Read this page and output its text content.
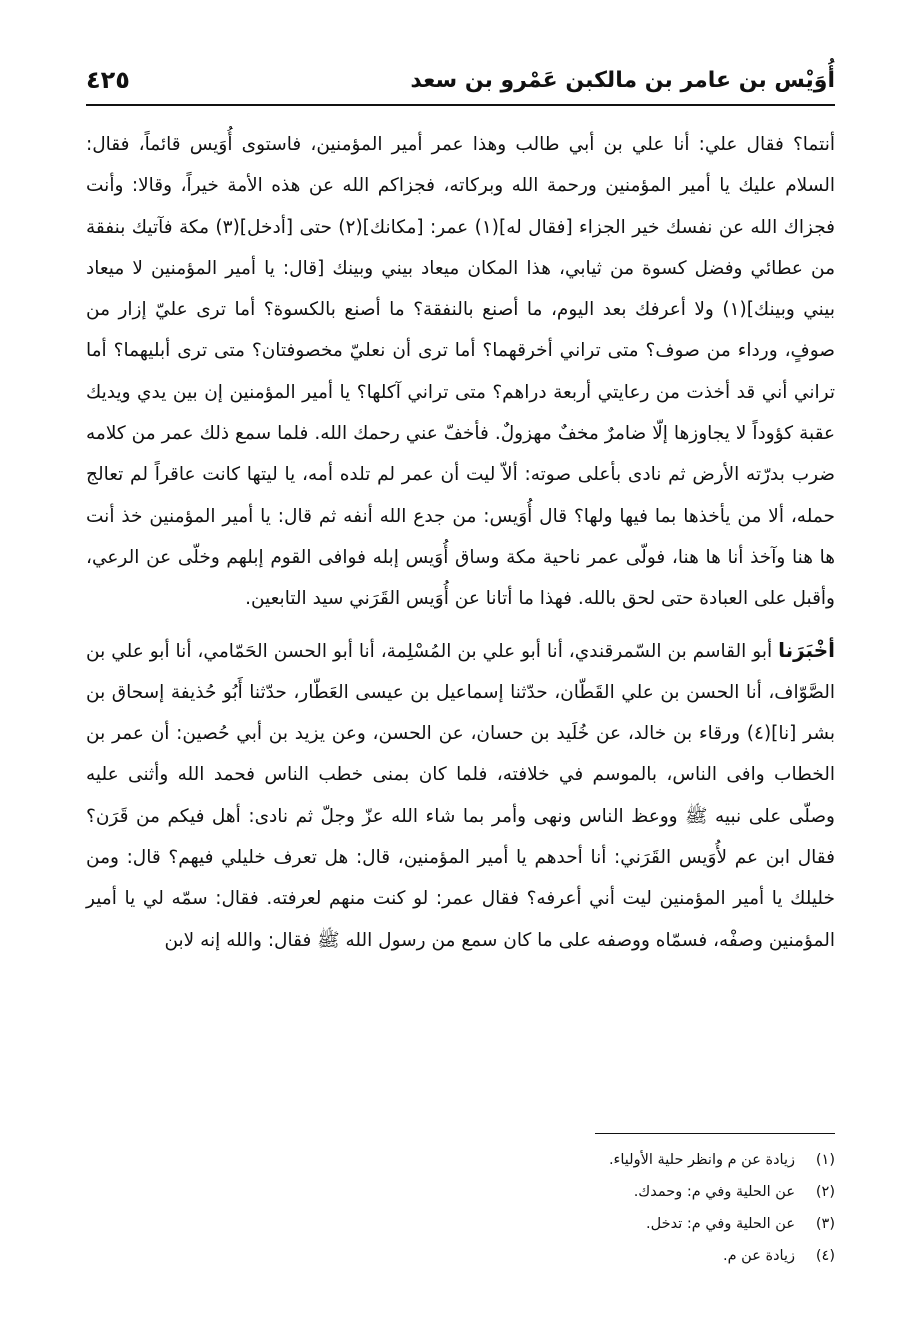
أُوَيْس بن عامر بن مالكبن عَمْرو بن سعد
٤٢٥

أنتما؟ فقال علي: أنا علي بن أبي طالب وهذا عمر أمير المؤمنين، فاستوى أُوَيس قائماً، فقال: السلام عليك يا أمير المؤمنين ورحمة الله وبركاته، فجزاكم الله عن هذه الأمة خيراً، وقالا: وأنت فجزاك الله عن نفسك خير الجزاء [فقال له](١) عمر: [مكانك](٢) حتى [أدخل](٣) مكة فآتيك بنفقة من عطائي وفضل كسوة من ثيابي، هذا المكان ميعاد بيني وبينك [قال: يا أمير المؤمنين لا ميعاد بيني وبينك](١) ولا أعرفك بعد اليوم، ما أصنع بالنفقة؟ ما أصنع بالكسوة؟ أما ترى عليّ إزار من صوفٍ، ورداء من صوف؟ متى تراني أخرقهما؟ أما ترى أن نعليّ مخصوفتان؟ متى ترى أبليهما؟ أما تراني أني قد أخذت من رعايتي أربعة دراهم؟ متى تراني آكلها؟ يا أمير المؤمنين إن بين يدي ويديك عقبة كؤوداً لا يجاوزها إلّا ضامرٌ مخفٌ مهزولٌ. فأخفّ عني رحمك الله. فلما سمع ذلك عمر من كلامه ضرب بدرّته الأرض ثم نادى بأعلى صوته: ألاّ ليت أن عمر لم تلده أمه، يا ليتها كانت عاقراً لم تعالج حمله، ألا من يأخذها بما فيها ولها؟ قال أُوَيس: من جدع الله أنفه ثم قال: يا أمير المؤمنين خذ أنت ها هنا وآخذ أنا ها هنا، فولّى عمر ناحية مكة وساق أُوَيس إبله فوافى القوم إبلهم وخلّى عن الرعي، وأقبل على العبادة حتى لحق بالله. فهذا ما أتانا عن أُوَيس القَرَني سيد التابعين.

أخْبَرَنا أبو القاسم بن السّمرقندي، أنا أبو علي بن المُسْلِمة، أنا أبو الحسن الحَمّامي، أنا أبو علي بن الصَّوّاف، أنا الحسن بن علي القَطّان، حدّثنا إسماعيل بن عيسى العَطّار، حدّثنا أَبُو حُذيفة إسحاق بن بشر [نا](٤) ورقاء بن خالد، عن خُلَيد بن حسان، عن الحسن، وعن يزيد بن أبي حُصين: أن عمر بن الخطاب وافى الناس، بالموسم في خلافته، فلما كان بمنى خطب الناس فحمد الله وأثنى عليه وصلّى على نبيه ﷺ ووعظ الناس ونهى وأمر بما شاء الله عزّ وجلّ ثم نادى: أهل فيكم من قَرَن؟ فقال ابن عم لأُوَيس القَرَني: أنا أحدهم يا أمير المؤمنين، قال: هل تعرف خليلي فيهم؟ قال: ومن خليلك يا أمير المؤمنين ليت أني أعرفه؟ فقال عمر: لو كنت منهم لعرفته. فقال: سمّه لي يا أمير المؤمنين وصفْه، فسمّاه ووصفه على ما كان سمع من رسول الله ﷺ فقال: والله إنه لابن

(١)زيادة عن م وانظر حلية الأولياء.

(٢)عن الحلية وفي م: وحمدك.

(٣)عن الحلية وفي م: تدخل.

(٤)زيادة عن م.
